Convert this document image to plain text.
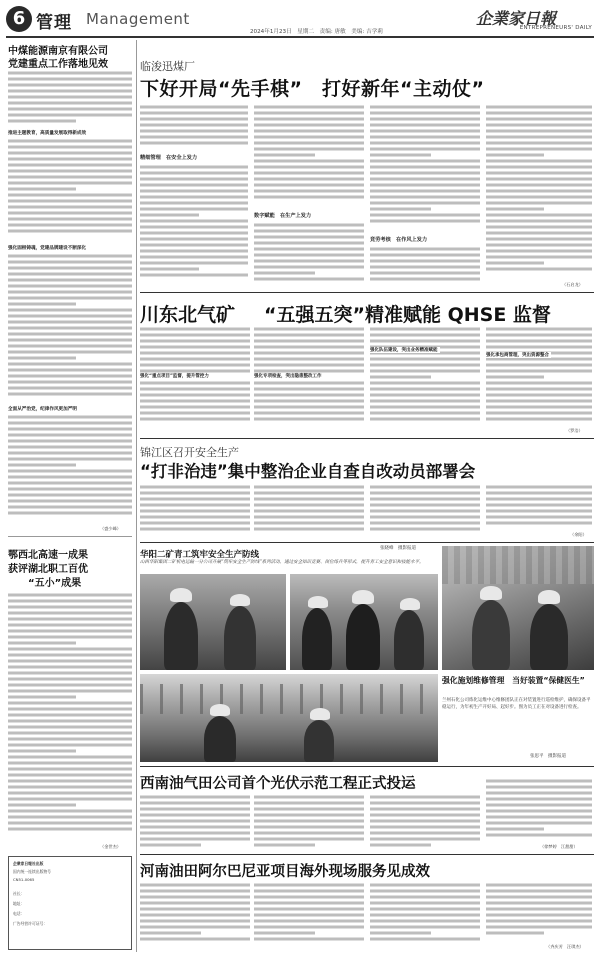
6 管理 Management
2024年1月23日　星期二　责编: 唐敏　美编: 吉学莉
企業家日報
ENTREPRENEURS' DAILY
中煤能源南京有限公司
党建重点工作落地见效
推进主题教育，高质量发展取得新成效
强化固根铸魂，党建品牌建设不断深化
全面从严治党，纪律作风更加严明
（盛少峰）
鄂西北高速一成果
获评湖北职工百优
“五小”成果
（金世杰）
企業家日報社出版
国内统一连续出版物号
CN51-0065
社长：
地址：
电话：
广告经营许可证号：
临浚迅煤厂
下好开局“先手棋”　打好新年“主动仗”
精细管理　在安全上发力
数字赋能　在生产上发力
竞劳考核　在作风上发力
（石启龙）
川东北气矿 “五强五突”精准赋能 QHSE 监督
强化“重点项目”监督，提升管控力	强化专项检查，突出隐患整改工作
强化承包商管理，突出资源整合
强化队伍建设，突出业务精准赋能
（罗浩）
锦江区召开安全生产
“打非治违”集中整治企业自查自改动员部署会
（余阳）
华阳二矿青工筑牢安全生产防线
山西华阳集团二矿机电运输一分公司开展“筑牢安全生产防线”系列活动，通过安全知识竞赛、岗位练兵等形式，提升青工安全意识和技能水平。
张晓峰　摄影报道
强化施划维修管理　当好装置“保健医生”
兰州石化公司炼化运维中心维修团队正在对装置进行巡检维护，确保设备平稳运行，为年初生产开好局、起好步。图为员工正在对设备进行检查。
张思平　摄影报道
西南油气田公司首个光伏示范工程正式投运
（徐梦婷　江甜甜）
河南油田阿尔巴尼亚项目海外现场服务见成效
（齐庆芳　汪琪杰）
